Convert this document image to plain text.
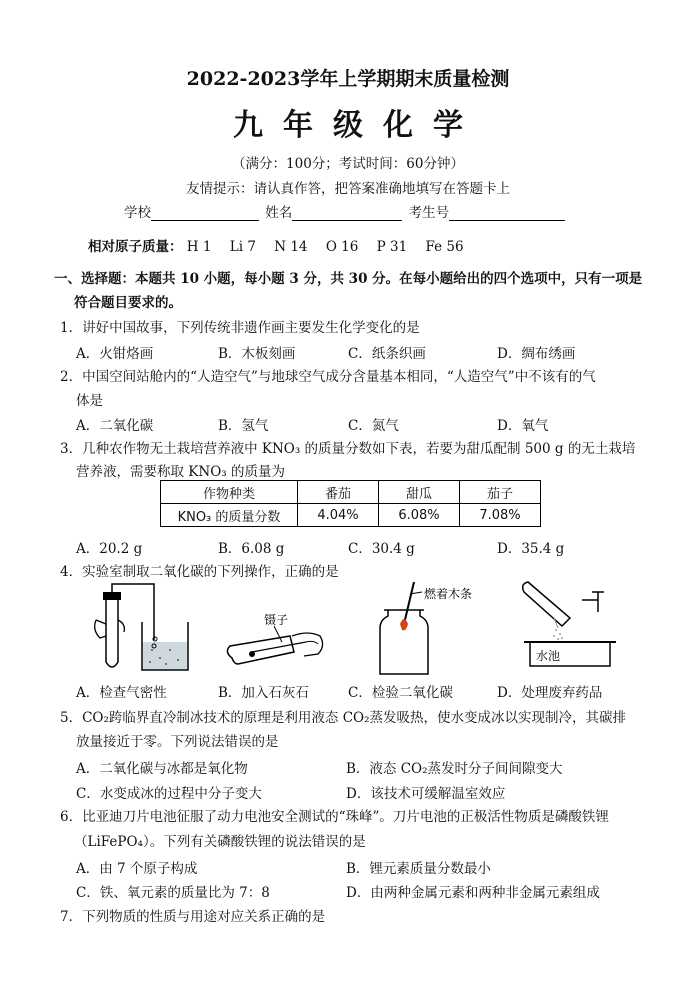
2022-2023学年上学期期末质量检测
九年级化学
（满分：100分；考试时间：60分钟）
友情提示：请认真作答，把答案准确地填写在答题卡上
学校	姓名	考生号
相对原子质量： H 1 Li 7 N 14 O 16 P 31 Fe 56
一、选择题：本题共 10 小题，每小题 3 分，共 30 分。在每小题给出的四个选项中，只有一项是
符合题目要求的。
1．讲好中国故事，下列传统非遗作画主要发生化学变化的是
A．火钳烙画	B．木板刻画	C．纸条织画	D．绸布绣画
2．中国空间站舱内的“人造空气”与地球空气成分含量基本相同，“人造空气”中不该有的气
体是
A．二氧化碳	B．氢气	C．氮气	D．氧气
3．几种农作物无土栽培营养液中 KNO₃ 的质量分数如下表，若要为甜瓜配制 500 g 的无土栽培
营养液，需要称取 KNO₃ 的质量为
作物种类	番茄	甜瓜	茄子
KNO₃ 的质量分数	4.04%	6.08%	7.08%
A．20.2 g	B．6.08 g	C．30.4 g	D．35.4 g
4．实验室制取二氧化碳的下列操作，正确的是
镊子
燃着木条
水池
A．检查气密性	B．加入石灰石	C．检验二氧化碳	D．处理废弃药品
5．CO₂跨临界直冷制冰技术的原理是利用液态 CO₂蒸发吸热，使水变成冰以实现制冷，其碳排
放量接近于零。下列说法错误的是
A．二氧化碳与冰都是氧化物	B．液态 CO₂蒸发时分子间间隙变大
C．水变成冰的过程中分子变大	D．该技术可缓解温室效应
6．比亚迪刀片电池征服了动力电池安全测试的“珠峰”。刀片电池的正极活性物质是磷酸铁锂
（LiFePO₄）。下列有关磷酸铁锂的说法错误的是
A．由 7 个原子构成	B．锂元素质量分数最小
C．铁、氧元素的质量比为 7：8	D．由两种金属元素和两种非金属元素组成
7．下列物质的性质与用途对应关系正确的是
